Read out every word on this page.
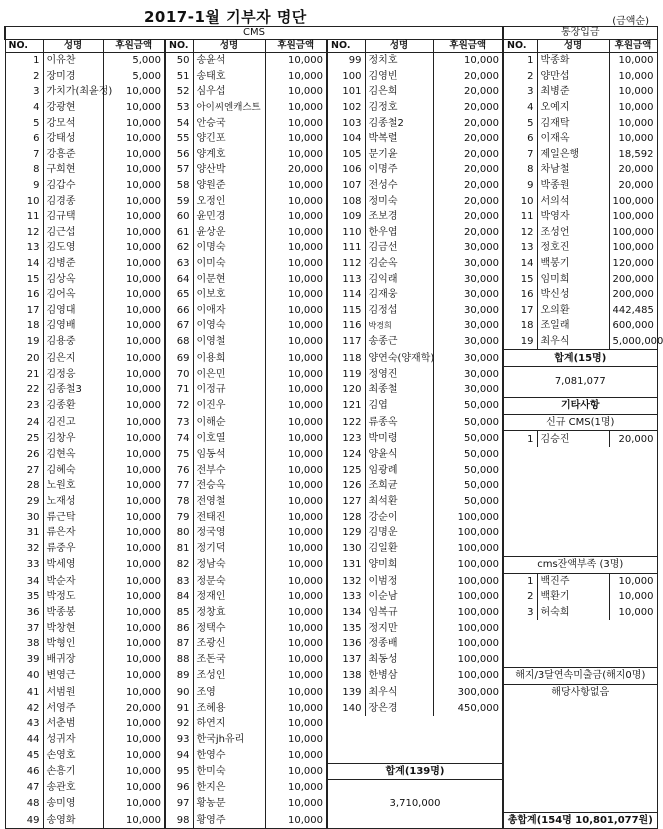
2017-1월 기부자 명단	(금액순)
CMS									통장입금		
NO.	성명	후원금액	NO.	성명	후원금액	NO.	성명	후원금액	NO.	성명	후원금액
1	이유찬	5,000	50	송윤석	10,000	99	정치호	10,000	1	박종화	10,000
2	장미경	5,000	51	송태호	10,000	100	김영빈	20,000	2	양만섭	10,000
3	가치가(최윤정)	10,000	52	심우섭	10,000	101	김은희	20,000	3	최병준	10,000
4	강광현	10,000	53	아이씨엔캐스트	10,000	102	김정호	20,000	4	오예지	10,000
5	강모석	10,000	54	안승국	10,000	103	김종철2	20,000	5	김재탁	10,000
6	강태성	10,000	55	양긴포	10,000	104	박복렬	20,000	6	이재옥	10,000
7	강흥준	10,000	56	양계호	10,000	105	문기윤	20,000	7	제일은행	18,592
8	구희현	10,000	57	양산박	20,000	106	이명주	20,000	8	차남철	20,000
9	김갑수	10,000	58	양원준	10,000	107	전성수	20,000	9	박종원	20,000
10	김경종	10,000	59	오정인	10,000	108	정미숙	20,000	10	서의석	100,000
11	김규택	10,000	60	윤민경	10,000	109	조보경	20,000	11	박영자	100,000
12	김근섭	10,000	61	윤상운	10,000	110	한우엽	20,000	12	조성언	100,000
13	김도영	10,000	62	이명숙	10,000	111	김금선	30,000	13	정호진	100,000
14	김병준	10,000	63	이미숙	10,000	112	김순옥	30,000	14	백봉기	120,000
15	김상옥	10,000	64	이문현	10,000	113	김익래	30,000	15	임미희	200,000
16	김어옥	10,000	65	이보호	10,000	114	김재웅	30,000	16	박신성	200,000
17	김영대	10,000	66	이애자	10,000	115	김정섭	30,000	17	오의환	442,485
18	김영배	10,000	67	이영숙	10,000	116	박경희	30,000	18	조일래	600,000
19	김용중	10,000	68	이영철	10,000	117	송종근	30,000	19	최우식	5,000,000
20	김은지	10,000	69	이용희	10,000	118	양연숙(양재학)	30,000	합계(15명)		
21	김정응	10,000	70	이은민	10,000	119	정영진	30,000	7,081,077		
22	김종철3	10,000	71	이정규	10,000	120	최종철	30,000			
23	김종환	10,000	72	이진우	10,000	121	김엽	50,000	기타사항		
24	김진고	10,000	73	이해순	10,000	122	류종옥	50,000	신규 CMS(1명)		
25	김창우	10,000	74	이호열	10,000	123	박미령	50,000	1	김승진	20,000
26	김현옥	10,000	75	임동석	10,000	124	양윤식	50,000			
27	김혜숙	10,000	76	전부수	10,000	125	임광례	50,000			
28	노원호	10,000	77	전승옥	10,000	126	조희균	50,000			
29	노재성	10,000	78	전영철	10,000	127	최석환	50,000			
30	류근탁	10,000	79	전태진	10,000	128	강순이	100,000			
31	류은자	10,000	80	정국영	10,000	129	김명운	100,000			
32	류중우	10,000	81	정기덕	10,000	130	김일환	100,000			
33	박세영	10,000	82	정남숙	10,000	131	양미희	100,000	cms잔액부족 (3명)		
34	박순자	10,000	83	정문숙	10,000	132	이범정	100,000	1	백진주	10,000
35	박정도	10,000	84	정재인	10,000	133	이순남	100,000	2	백환기	10,000
36	박종봉	10,000	85	정창효	10,000	134	임복규	100,000	3	허숙희	10,000
37	박창현	10,000	86	정택수	10,000	135	정지만	100,000			
38	박형인	10,000	87	조광신	10,000	136	정종배	100,000			
39	배귀장	10,000	88	조돈국	10,000	137	최동성	100,000			
40	변영근	10,000	89	조성인	10,000	138	한병삼	100,000	해지/3달연속미출금(해지0명)		
41	서범원	10,000	90	조영	10,000	139	최우식	300,000	해당사항없음		
42	서영주	20,000	91	조혜용	10,000	140	장은경	450,000			
43	서춘범	10,000	92	하연지	10,000						
44	성귀자	10,000	93	한국jh유리	10,000						
45	손영호	10,000	94	한영수	10,000						
46	손흥기	10,000	95	한미숙	10,000	합계(139명)					
47	송관호	10,000	96	한지은	10,000						
48	송미영	10,000	97	황농문	10,000	3,710,000					
49	송영화	10,000	98	황영주	10,000				총합계(154명 10,801,077원)		
